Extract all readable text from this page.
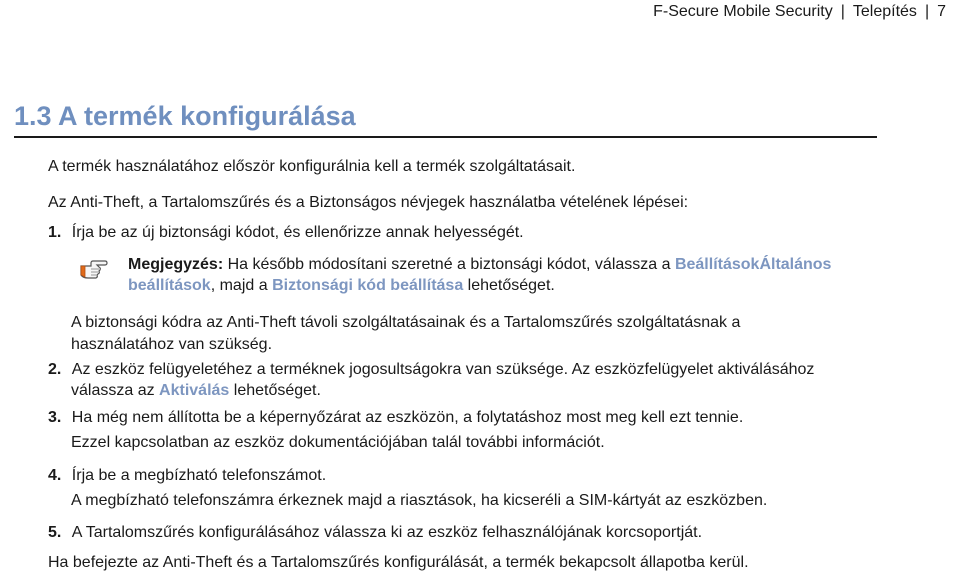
F-Secure Mobile Security | Telepítés | 7
1.3 A termék konfigurálása
A termék használatához először konfigurálnia kell a termék szolgáltatásait.
Az Anti-Theft, a Tartalomszűrés és a Biztonságos névjegek használatba vételének lépései:
1. Írja be az új biztonsági kódot, és ellenőrizze annak helyességét.
Megjegyzés: Ha később módosítani szeretné a biztonsági kódot, válassza a BeállításokÁltalános
beállítások, majd a Biztonsági kód beállítása lehetőséget.
A biztonsági kódra az Anti-Theft távoli szolgáltatásainak és a Tartalomszűrés szolgáltatásnak a
használatához van szükség.
2. Az eszköz felügyeletéhez a terméknek jogosultságokra van szüksége. Az eszközfelügyelet aktiválásához
válassza az Aktiválás lehetőséget.
3. Ha még nem állította be a képernyőzárat az eszközön, a folytatáshoz most meg kell ezt tennie.
Ezzel kapcsolatban az eszköz dokumentációjában talál további információt.
4. Írja be a megbízható telefonszámot.
A megbízható telefonszámra érkeznek majd a riasztások, ha kicseréli a SIM-kártyát az eszközben.
5. A Tartalomszűrés konfigurálásához válassza ki az eszköz felhasználójának korcsoportját.
Ha befejezte az Anti-Theft és a Tartalomszűrés konfigurálását, a termék bekapcsolt állapotba kerül.
